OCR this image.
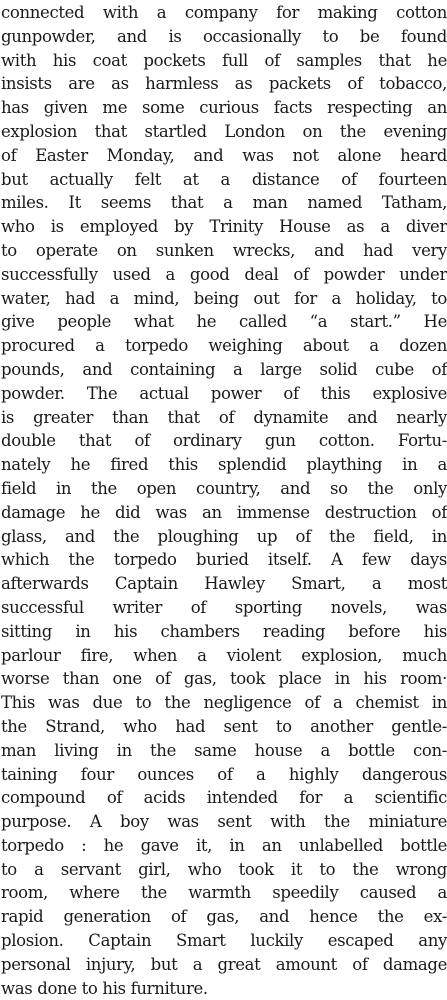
connected with a company for making cotton
gunpowder, and is occasionally to be found
with his coat pockets full of samples that he
insists are as harmless as packets of tobacco,
has given me some curious facts respecting an
explosion that startled London on the evening
of Easter Monday, and was not alone heard
but actually felt at a distance of fourteen
miles. It seems that a man named Tatham,
who is employed by Trinity House as a diver
to operate on sunken wrecks, and had very
successfully used a good deal of powder under
water, had a mind, being out for a holiday, to
give people what he called “a start.” He
procured a torpedo weighing about a dozen
pounds, and containing a large solid cube of
powder. The actual power of this explosive
is greater than that of dynamite and nearly
double that of ordinary gun cotton. Fortu-
nately he fired this splendid plaything in a
field in the open country, and so the only
damage he did was an immense destruction of
glass, and the ploughing up of the field, in
which the torpedo buried itself. A few days
afterwards Captain Hawley Smart, a most
successful writer of sporting novels, was
sitting in his chambers reading before his
parlour fire, when a violent explosion, much
worse than one of gas, took place in his room·
This was due to the negligence of a chemist in
the Strand, who had sent to another gentle-
man living in the same house a bottle con-
taining four ounces of a highly dangerous
compound of acids intended for a scientific
purpose. A boy was sent with the miniature
torpedo : he gave it, in an unlabelled bottle
to a servant girl, who took it to the wrong
room, where the warmth speedily caused a
rapid generation of gas, and hence the ex-
plosion. Captain Smart luckily escaped any
personal injury, but a great amount of damage
was done to his furniture.
